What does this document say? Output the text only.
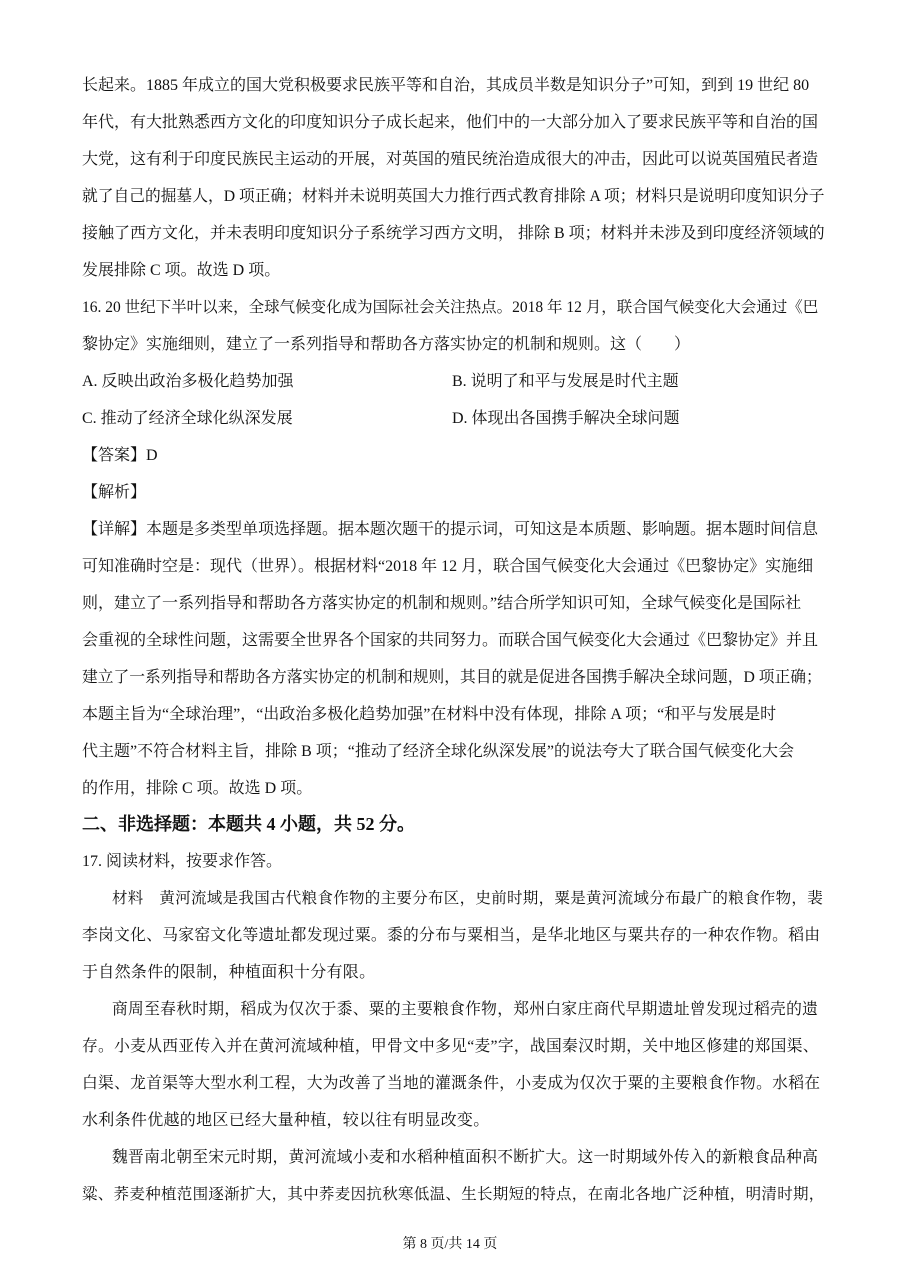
长起来。1885 年成立的国大党积极要求民族平等和自治，其成员半数是知识分子”可知，到到 19 世纪 80
年代，有大批熟悉西方文化的印度知识分子成长起来，他们中的一大部分加入了要求民族平等和自治的国
大党，这有利于印度民族民主运动的开展，对英国的殖民统治造成很大的冲击，因此可以说英国殖民者造
就了自己的掘墓人，D 项正确；材料并未说明英国大力推行西式教育排除 A 项；材料只是说明印度知识分子
接触了西方文化，并未表明印度知识分子系统学习西方文明， 排除 B 项；材料并未涉及到印度经济领域的
发展排除 C 项。故选 D 项。
16. 20 世纪下半叶以来，全球气候变化成为国际社会关注热点。2018 年 12 月，联合国气候变化大会通过《巴
黎协定》实施细则，建立了一系列指导和帮助各方落实协定的机制和规则。这（　　）
A. 反映出政治多极化趋势加强	B. 说明了和平与发展是时代主题
C. 推动了经济全球化纵深发展	D. 体现出各国携手解决全球问题
【答案】D
【解析】
【详解】本题是多类型单项选择题。据本题次题干的提示词，可知这是本质题、影响题。据本题时间信息
可知准确时空是：现代（世界）。根据材料“2018 年 12 月，联合国气候变化大会通过《巴黎协定》实施细
则，建立了一系列指导和帮助各方落实协定的机制和规则。”结合所学知识可知，全球气候变化是国际社
会重视的全球性问题，这需要全世界各个国家的共同努力。而联合国气候变化大会通过《巴黎协定》并且
建立了一系列指导和帮助各方落实协定的机制和规则，其目的就是促进各国携手解决全球问题，D 项正确；
本题主旨为“全球治理”，“出政治多极化趋势加强”在材料中没有体现，排除 A 项；“和平与发展是时
代主题”不符合材料主旨，排除 B 项；“推动了经济全球化纵深发展”的说法夸大了联合国气候变化大会
的作用，排除 C 项。故选 D 项。
二、非选择题：本题共 4 小题，共 52 分。
17. 阅读材料，按要求作答。
材料　黄河流域是我国古代粮食作物的主要分布区，史前时期，粟是黄河流域分布最广的粮食作物，裴
李岗文化、马家窑文化等遗址都发现过粟。黍的分布与粟相当，是华北地区与粟共存的一种农作物。稻由
于自然条件的限制，种植面积十分有限。
商周至春秋时期，稻成为仅次于黍、粟的主要粮食作物，郑州白家庄商代早期遗址曾发现过稻壳的遗
存。小麦从西亚传入并在黄河流域种植，甲骨文中多见“麦”字，战国秦汉时期，关中地区修建的郑国渠、
白渠、龙首渠等大型水利工程，大为改善了当地的灌溉条件，小麦成为仅次于粟的主要粮食作物。水稻在
水利条件优越的地区已经大量种植，较以往有明显改变。
魏晋南北朝至宋元时期，黄河流域小麦和水稻种植面积不断扩大。这一时期域外传入的新粮食品种高
粱、荞麦种植范围逐渐扩大，其中荞麦因抗秋寒低温、生长期短的特点，在南北各地广泛种植，明清时期，
第 8 页/共 14 页
